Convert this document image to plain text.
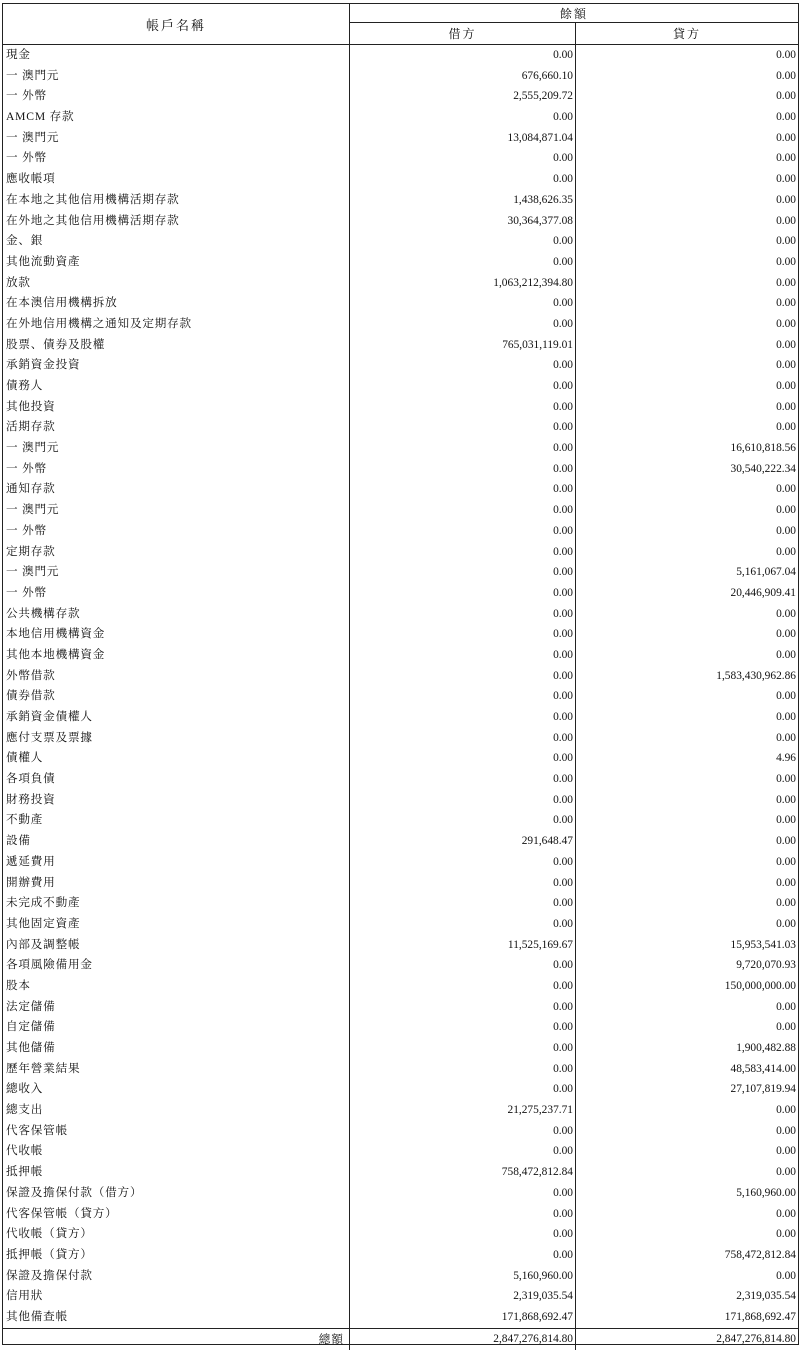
帳戶名稱
餘額
借方	貸方
現金	0.00	0.00
一 澳門元	676,660.10	0.00
一 外幣	2,555,209.72	0.00
AMCM 存款	0.00	0.00
一 澳門元	13,084,871.04	0.00
一 外幣	0.00	0.00
應收帳項	0.00	0.00
在本地之其他信用機構活期存款	1,438,626.35	0.00
在外地之其他信用機構活期存款	30,364,377.08	0.00
金、銀	0.00	0.00
其他流動資產	0.00	0.00
放款	1,063,212,394.80	0.00
在本澳信用機構拆放	0.00	0.00
在外地信用機構之通知及定期存款	0.00	0.00
股票、債券及股權	765,031,119.01	0.00
承銷資金投資	0.00	0.00
債務人	0.00	0.00
其他投資	0.00	0.00
活期存款	0.00	0.00
一 澳門元	0.00	16,610,818.56
一 外幣	0.00	30,540,222.34
通知存款	0.00	0.00
一 澳門元	0.00	0.00
一 外幣	0.00	0.00
定期存款	0.00	0.00
一 澳門元	0.00	5,161,067.04
一 外幣	0.00	20,446,909.41
公共機構存款	0.00	0.00
本地信用機構資金	0.00	0.00
其他本地機構資金	0.00	0.00
外幣借款	0.00	1,583,430,962.86
債券借款	0.00	0.00
承銷資金債權人	0.00	0.00
應付支票及票據	0.00	0.00
債權人	0.00	4.96
各項負債	0.00	0.00
財務投資	0.00	0.00
不動產	0.00	0.00
設備	291,648.47	0.00
遞延費用	0.00	0.00
開辦費用	0.00	0.00
未完成不動產	0.00	0.00
其他固定資產	0.00	0.00
內部及調整帳	11,525,169.67	15,953,541.03
各項風險備用金	0.00	9,720,070.93
股本	0.00	150,000,000.00
法定儲備	0.00	0.00
自定儲備	0.00	0.00
其他儲備	0.00	1,900,482.88
歷年營業結果	0.00	48,583,414.00
總收入	0.00	27,107,819.94
總支出	21,275,237.71	0.00
代客保管帳	0.00	0.00
代收帳	0.00	0.00
抵押帳	758,472,812.84	0.00
保證及擔保付款（借方）	0.00	5,160,960.00
代客保管帳（貸方）	0.00	0.00
代收帳（貸方）	0.00	0.00
抵押帳（貸方）	0.00	758,472,812.84
保證及擔保付款	5,160,960.00	0.00
信用狀	2,319,035.54	2,319,035.54
其他備查帳	171,868,692.47	171,868,692.47
總額	2,847,276,814.80	2,847,276,814.80
